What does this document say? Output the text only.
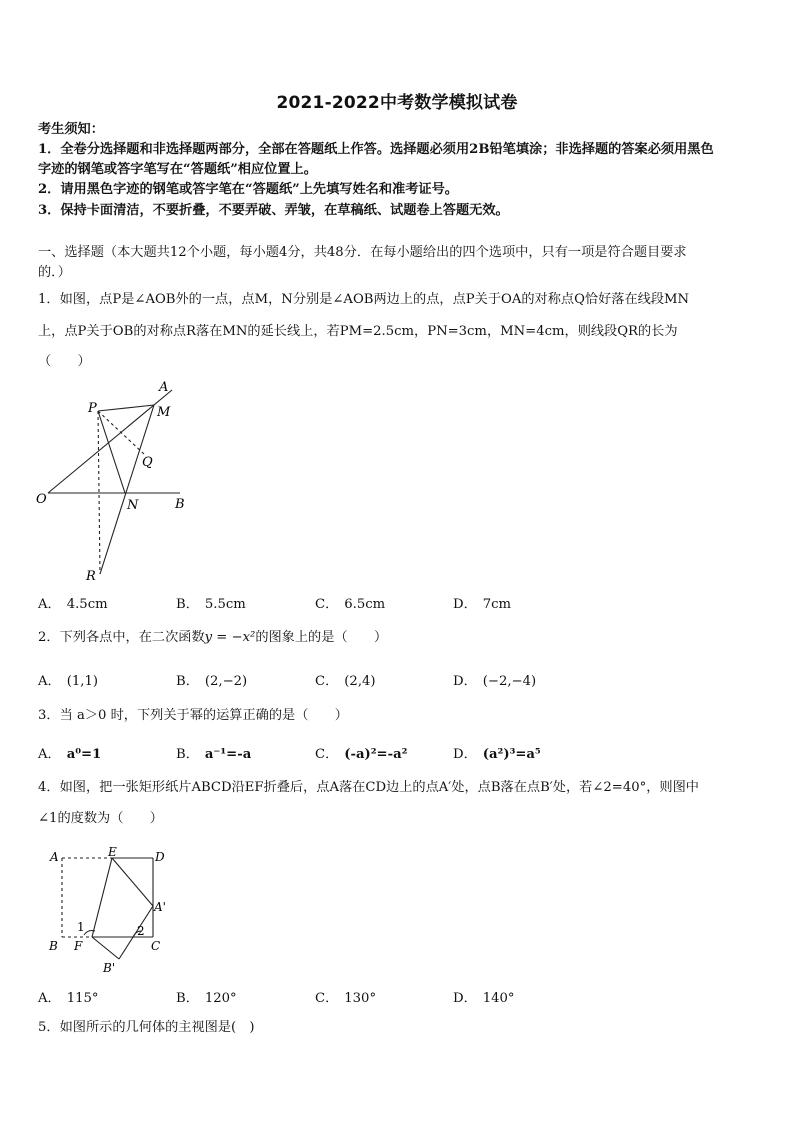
2021-2022中考数学模拟试卷
考生须知：
1．全卷分选择题和非选择题两部分，全部在答题纸上作答。选择题必须用2B铅笔填涂；非选择题的答案必须用黑色
字迹的钢笔或答字笔写在“答题纸”相应位置上。
2．请用黑色字迹的钢笔或答字笔在“答题纸”上先填写姓名和准考证号。
3．保持卡面清洁，不要折叠，不要弄破、弄皱，在草稿纸、试题卷上答题无效。
一、选择题（本大题共12个小题，每小题4分，共48分．在每小题给出的四个选项中，只有一项是符合题目要求
的．）
1．如图，点P是∠AOB外的一点，点M，N分别是∠AOB两边上的点，点P关于OA的对称点Q恰好落在线段MN
上，点P关于OB的对称点R落在MN的延长线上，若PM=2.5cm，PN=3cm，MN=4cm，则线段QR的长为
（　　）
A
P	M
Q
O	N	B
R
A． 4.5cm	B． 5.5cm	C． 6.5cm	D． 7cm
2．下列各点中，在二次函数y = −x²的图象上的是（　　）
A． (1,1)	B． (2,−2)	C． (2,4)	D． (−2,−4)
3．当 a＞0 时，下列关于幂的运算正确的是（　　）
A． a⁰=1	B． a⁻¹=-a	C． (-a)²=-a²	D． (a²)³=a⁵
4．如图，把一张矩形纸片ABCD沿EF折叠后，点A落在CD边上的点A′处，点B落在点B′处，若∠2=40°，则图中
∠1的度数为（　　）
A	E	D
A'
B
1	2
F	C
B'
A． 115°	B． 120°	C． 130°	D． 140°
5．如图所示的几何体的主视图是(　)
